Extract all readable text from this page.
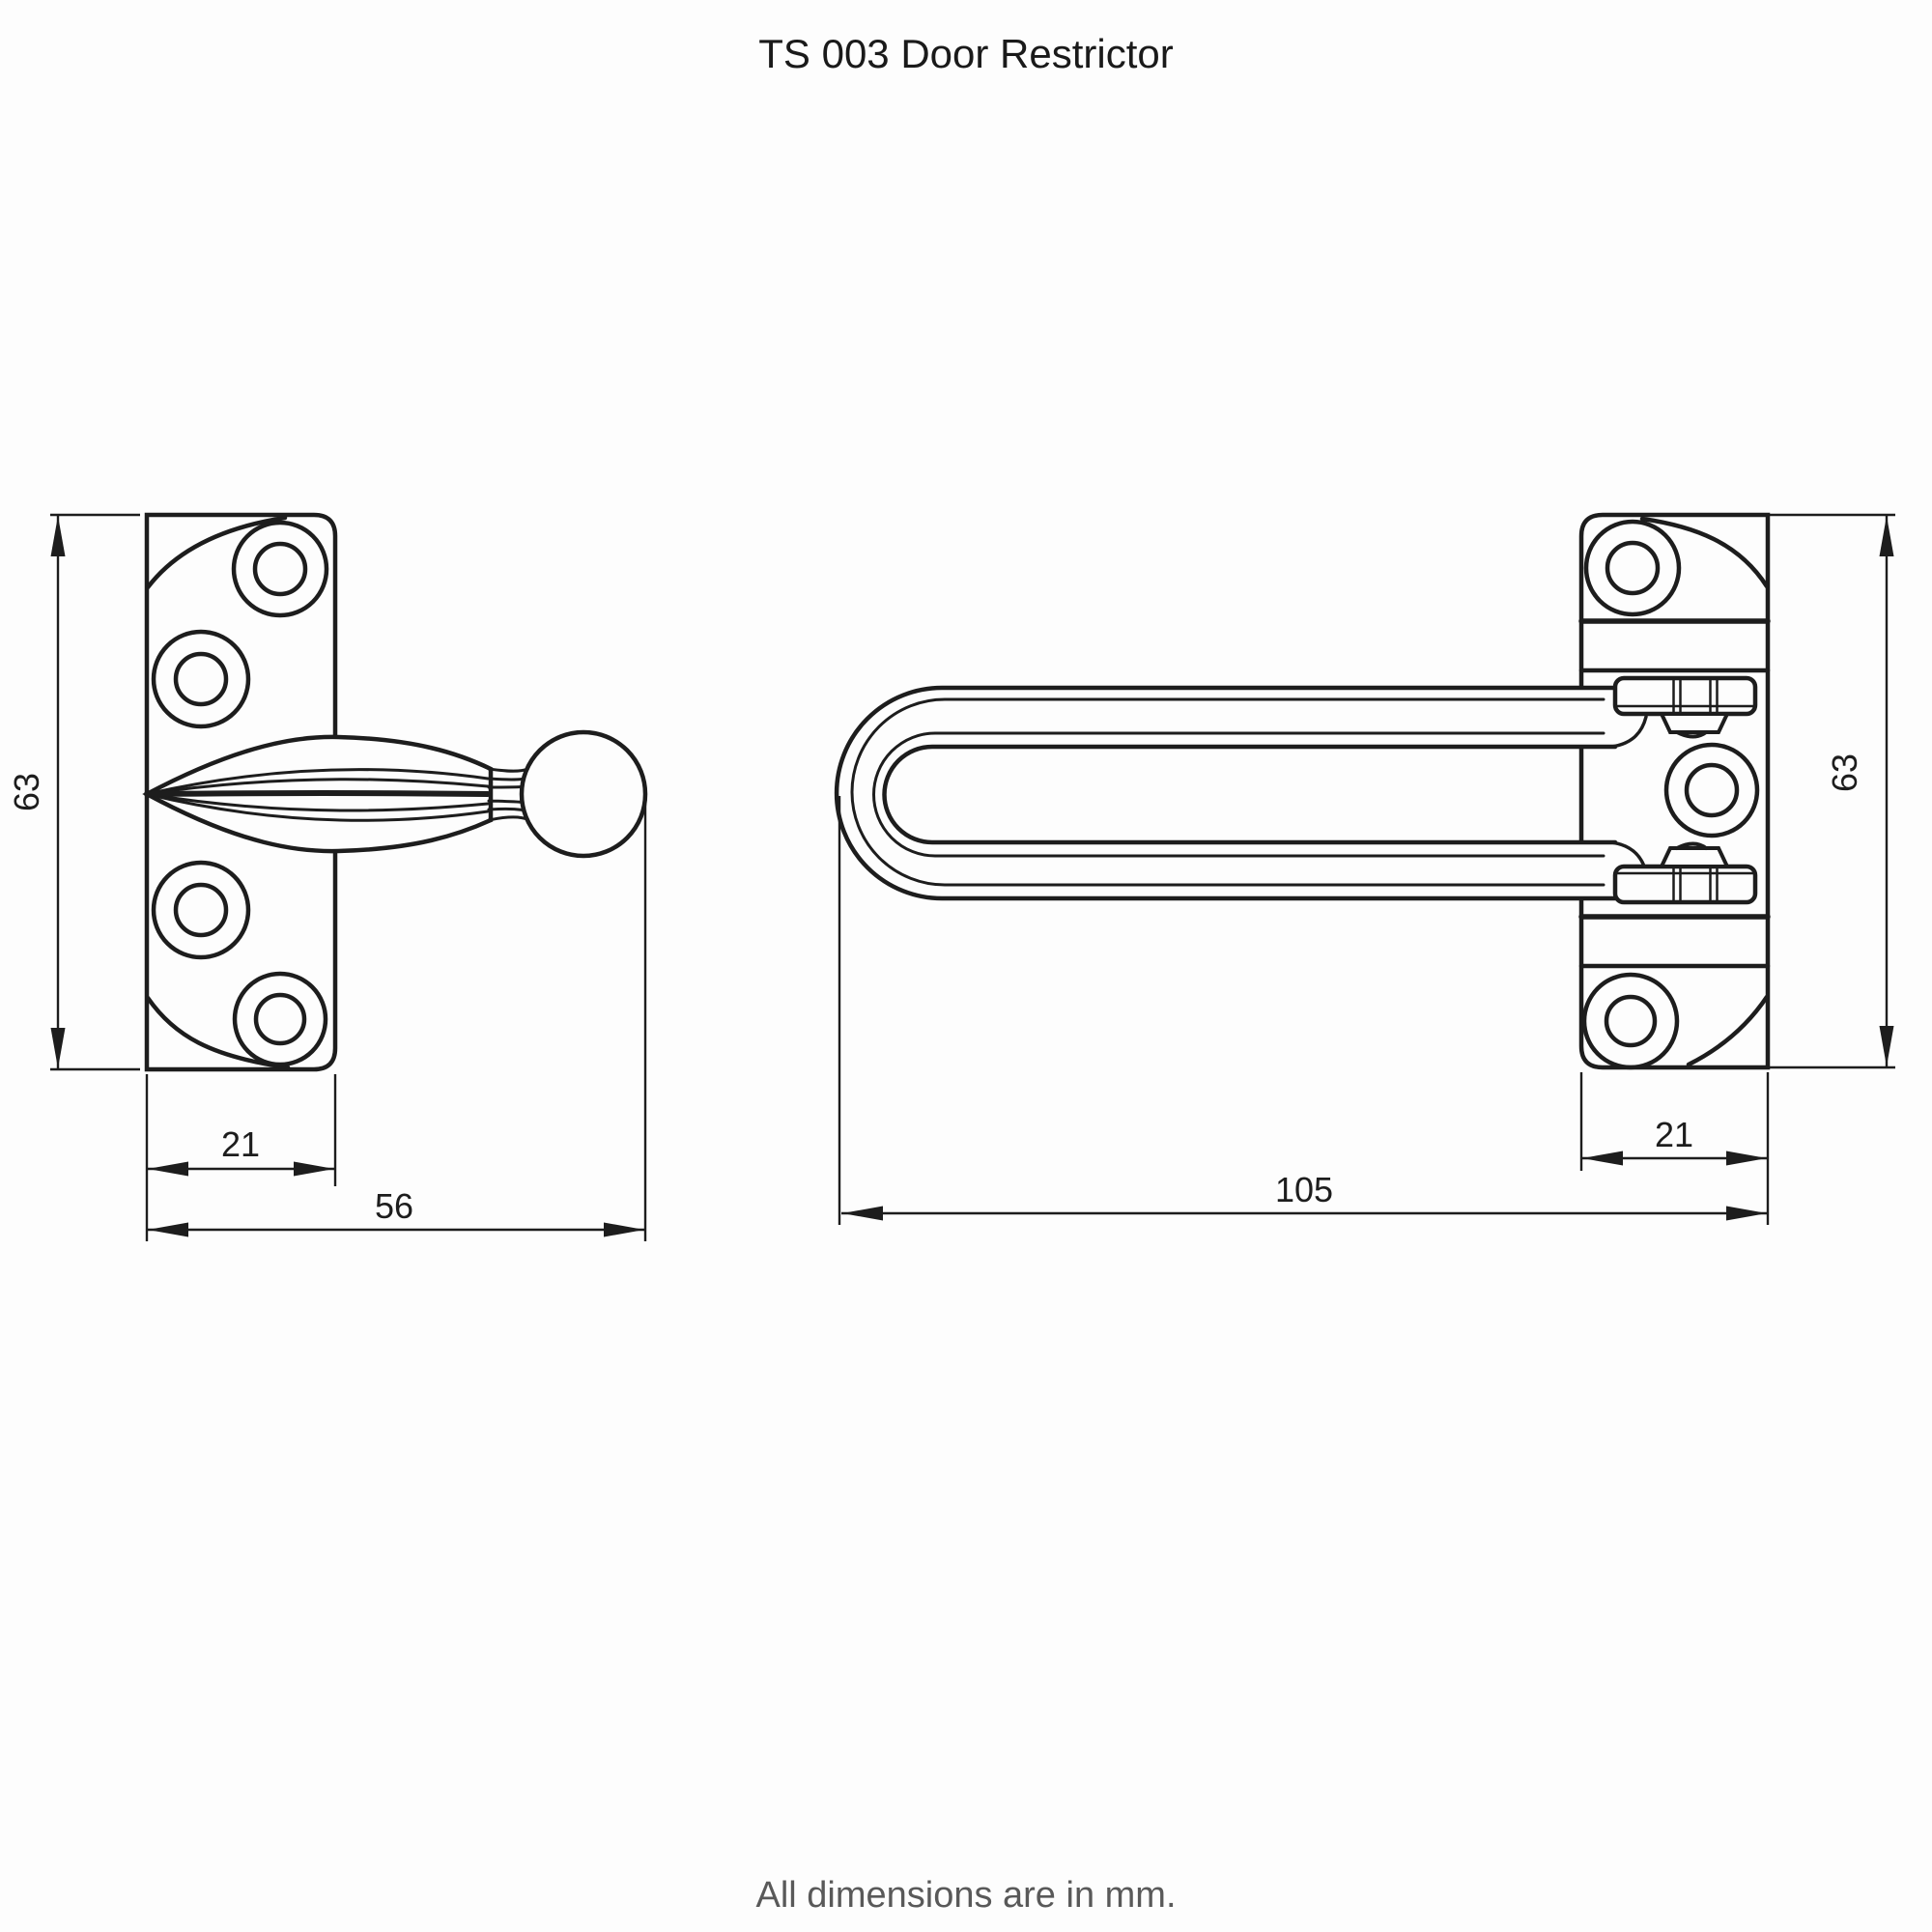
TS 003 Door Restrictor
63
21
56
63
21
105
All dimensions are in mm.
